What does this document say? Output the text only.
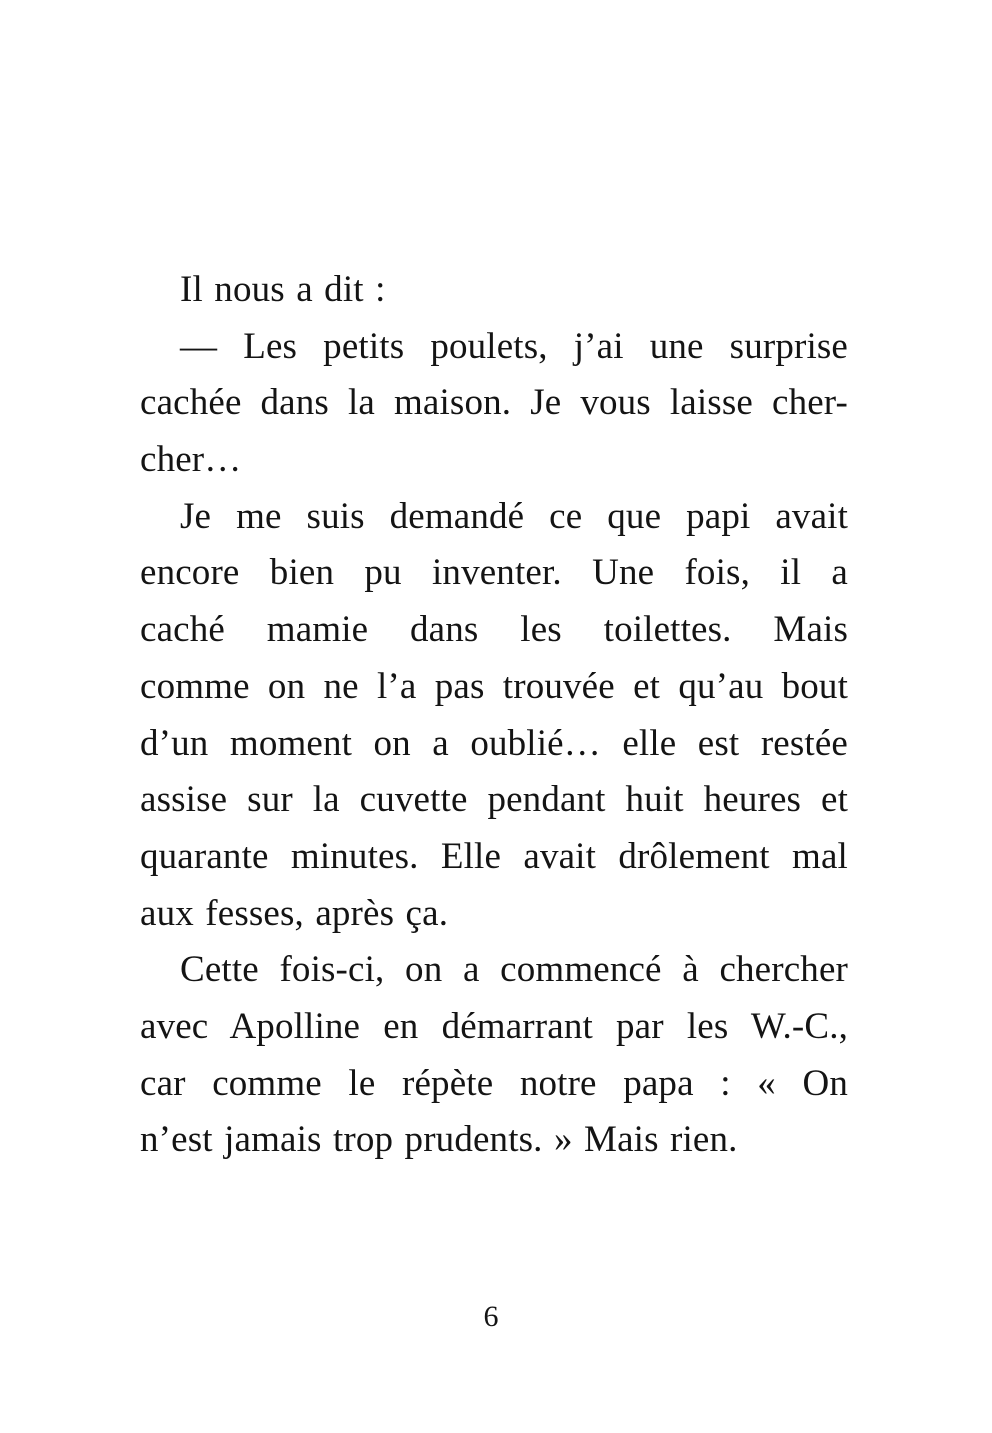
Il nous a dit :
— Les petits poulets, j’ai une surprise
cachée dans la maison. Je vous laisse cher-
cher…
Je me suis demandé ce que papi avait
encore bien pu inventer. Une fois, il a
caché mamie dans les toilettes. Mais
comme on ne l’a pas trouvée et qu’au bout
d’un moment on a oublié… elle est restée
assise sur la cuvette pendant huit heures et
quarante minutes. Elle avait drôlement mal
aux fesses, après ça.
Cette fois-ci, on a commencé à chercher
avec Apolline en démarrant par les W.-C.,
car comme le répète notre papa : « On
n’est jamais trop prudents. » Mais rien.
6
